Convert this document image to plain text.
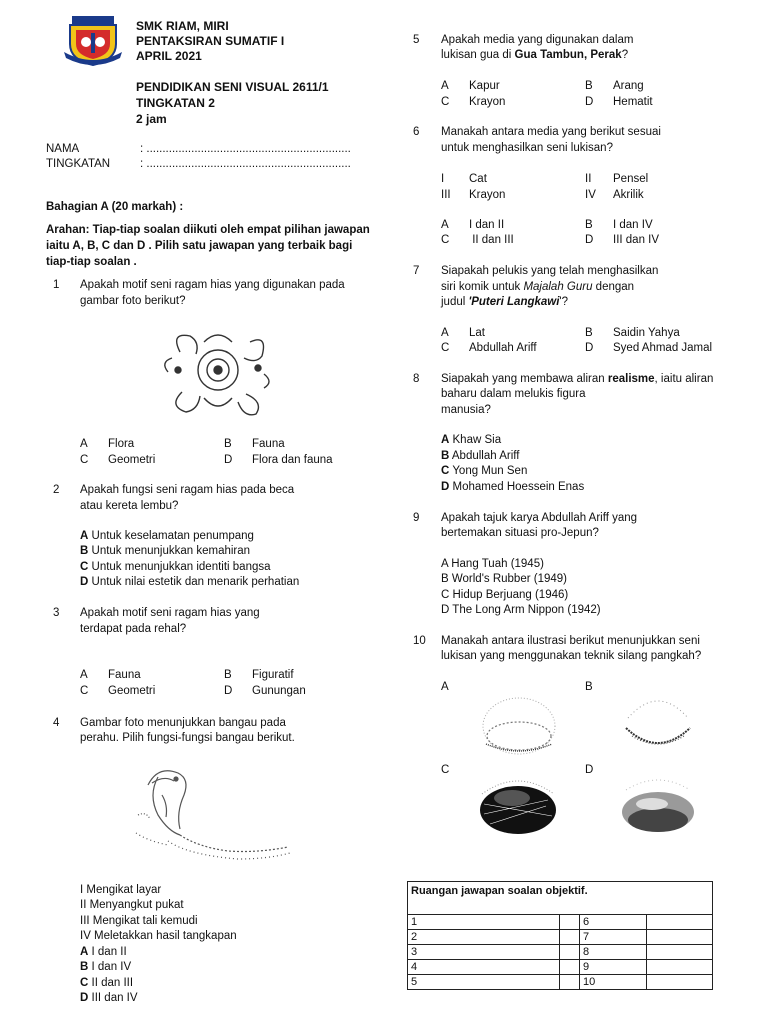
SMK RIAM, MIRI
PENTAKSIRAN SUMATIF I
APRIL 2021
PENDIDIKAN SENI VISUAL 2611/1
TINGKATAN 2
2 jam
NAMA	: ................................................................
TINGKATAN	: ................................................................
Bahagian A (20 markah) :
Arahan: Tiap-tiap soalan diikuti oleh empat pilihan jawapan
iaitu A, B, C dan D . Pilih satu jawapan yang terbaik bagi
tiap-tiap soalan .
1 Apakah motif seni ragam hias yang digunakan pada
gambar foto berikut?
A Flora	B Fauna
C Geometri	D Flora dan fauna
2 Apakah fungsi seni ragam hias pada beca
atau kereta lembu?
A Untuk keselamatan penumpang
B Untuk menunjukkan kemahiran
C Untuk menunjukkan identiti bangsa
D Untuk nilai estetik dan menarik perhatian
3 Apakah motif seni ragam hias yang
terdapat pada rehal?
A Fauna	B Figuratif
C Geometri	D Gunungan
4 Gambar foto menunjukkan bangau pada
perahu. Pilih fungsi-fungsi bangau berikut.
I Mengikat layar
II Menyangkut pukat
III Mengikat tali kemudi
IV Meletakkan hasil tangkapan
A I dan II
B I dan IV
C II dan III
D III dan IV
5 Apakah media yang digunakan dalam
lukisan gua di Gua Tambun, Perak?
A Kapur	B Arang
C Krayon	D Hematit
6 Manakah antara media yang berikut sesuai
untuk menghasilkan seni lukisan?
I Cat	II Pensel
III Krayon	IV Akrilik
A I dan II	B I dan IV
C II dan III	D III dan IV
7 Siapakah pelukis yang telah menghasilkan
siri komik untuk Majalah Guru dengan
judul 'Puteri Langkawi'?
A Lat	B Saidin Yahya
C Abdullah Ariff	D Syed Ahmad Jamal
8 Siapakah yang membawa aliran realisme, iaitu aliran
baharu dalam melukis figura
manusia?
A Khaw Sia
B Abdullah Ariff
C Yong Mun Sen
D Mohamed Hoessein Enas
9 Apakah tajuk karya Abdullah Ariff yang
bertemakan situasi pro-Jepun?
A Hang Tuah (1945)
B World's Rubber (1949)
C Hidup Berjuang (1946)
D The Long Arm Nippon (1942)
10 Manakah antara ilustrasi berikut menunjukkan seni
lukisan yang menggunakan teknik silang pangkah?
A	B
C	D
Ruangan jawapan soalan objektif.			
1		6	
2		7	
3		8	
4		9	
5		10	
